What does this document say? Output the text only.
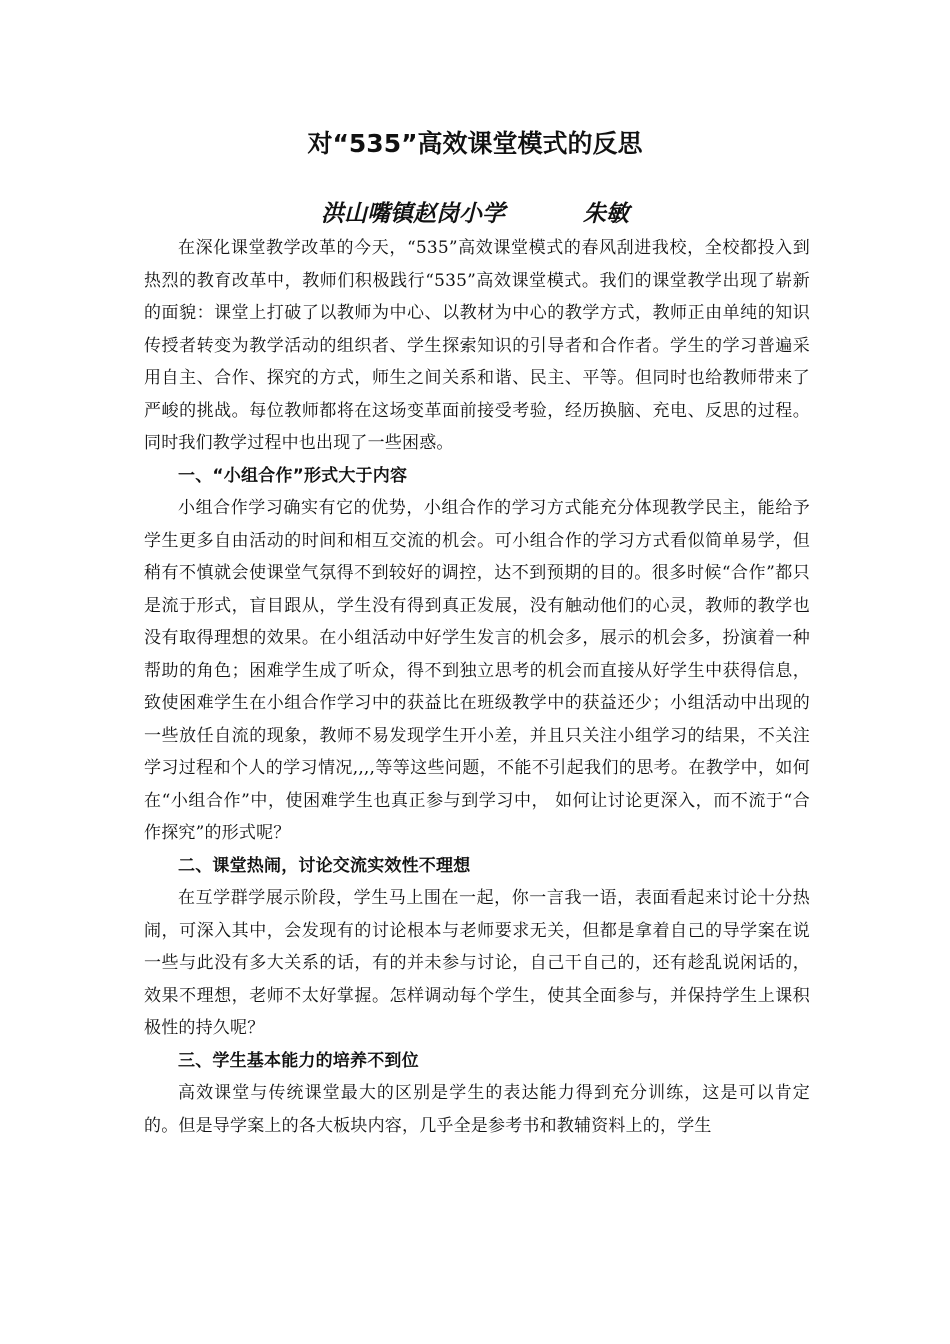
对“535”高效课堂模式的反思
洪山嘴镇赵岗小学	朱敏

在深化课堂教学改革的今天，“535”高效课堂模式的春风刮进我校，全校都投入到热烈的教育改革中，教师们积极践行“535”高效课堂模式。我们的课堂教学出现了崭新的面貌：课堂上打破了以教师为中心、以教材为中心的教学方式，教师正由单纯的知识传授者转变为教学活动的组织者、学生探索知识的引导者和合作者。学生的学习普遍采用自主、合作、探究的方式，师生之间关系和谐、民主、平等。但同时也给教师带来了严峻的挑战。每位教师都将在这场变革面前接受考验，经历换脑、充电、反思的过程。同时我们教学过程中也出现了一些困惑。

一、“小组合作”形式大于内容

小组合作学习确实有它的优势，小组合作的学习方式能充分体现教学民主，能给予学生更多自由活动的时间和相互交流的机会。可小组合作的学习方式看似简单易学，但稍有不慎就会使课堂气氛得不到较好的调控，达不到预期的目的。很多时候“合作”都只是流于形式，盲目跟从，学生没有得到真正发展，没有触动他们的心灵，教师的教学也没有取得理想的效果。在小组活动中好学生发言的机会多，展示的机会多，扮演着一种帮助的角色；困难学生成了听众，得不到独立思考的机会而直接从好学生中获得信息，致使困难学生在小组合作学习中的获益比在班级教学中的获益还少；小组活动中出现的一些放任自流的现象，教师不易发现学生开小差，并且只关注小组学习的结果，不关注学习过程和个人的学习情况,,,,等等这些问题，不能不引起我们的思考。在教学中，如何在“小组合作”中，使困难学生也真正参与到学习中， 如何让讨论更深入，而不流于“合作探究”的形式呢？

二、课堂热闹，讨论交流实效性不理想

在互学群学展示阶段，学生马上围在一起，你一言我一语，表面看起来讨论十分热闹，可深入其中，会发现有的讨论根本与老师要求无关，但都是拿着自己的导学案在说一些与此没有多大关系的话，有的并未参与讨论，自己干自己的，还有趁乱说闲话的，效果不理想，老师不太好掌握。怎样调动每个学生，使其全面参与，并保持学生上课积极性的持久呢？

三、学生基本能力的培养不到位

高效课堂与传统课堂最大的区别是学生的表达能力得到充分训练，这是可以肯定的。但是导学案上的各大板块内容，几乎全是参考书和教辅资料上的，学生
